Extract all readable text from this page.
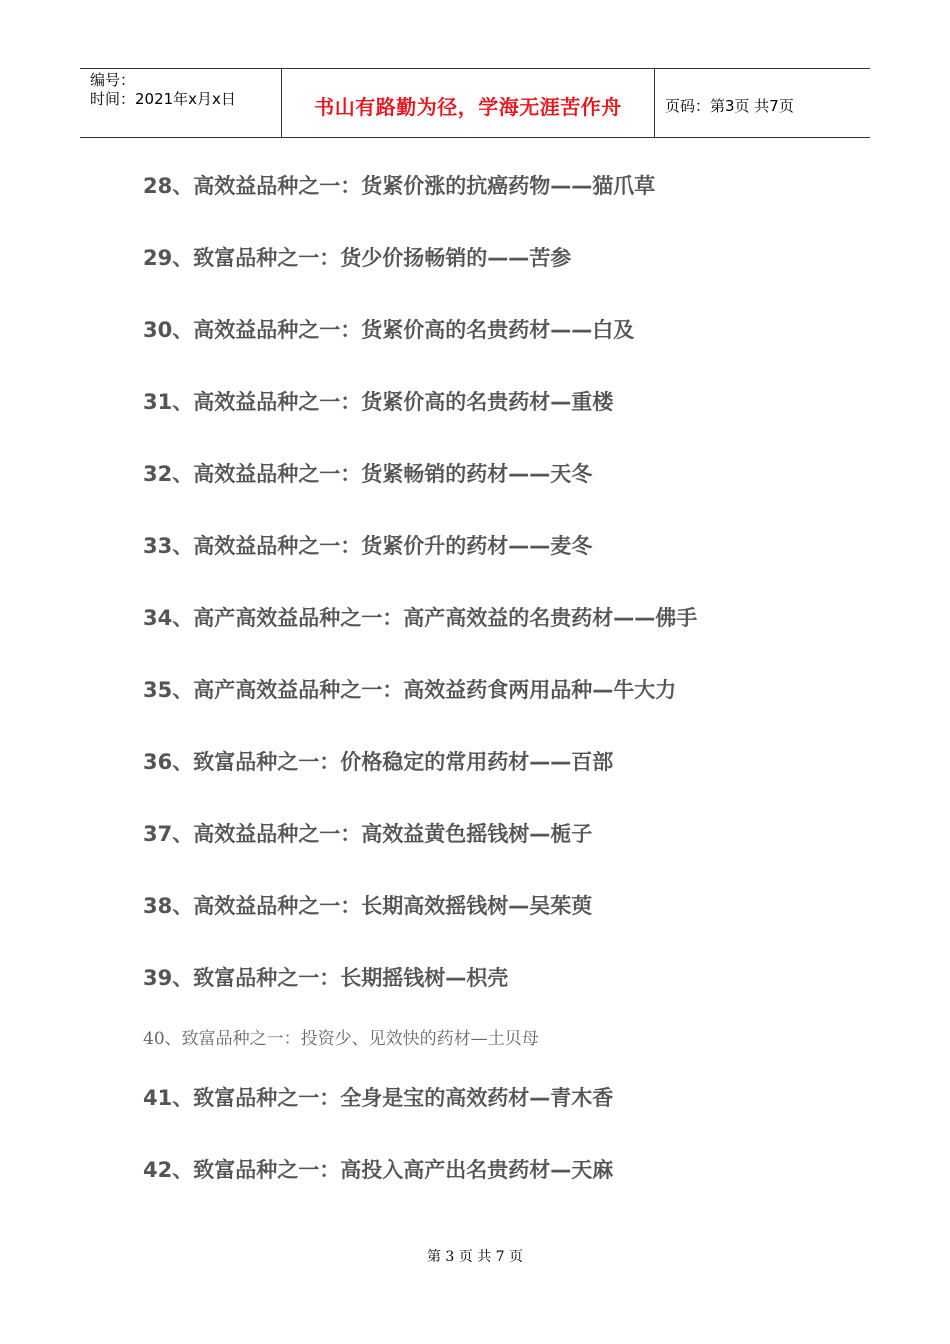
编号：
时间：2021年x月x日	书山有路勤为径，学海无涯苦作舟	页码：第3页 共7页
28、高效益品种之一：货紧价涨的抗癌药物——猫爪草
29、致富品种之一：货少价扬畅销的——苦参
30、高效益品种之一：货紧价高的名贵药材——白及
31、高效益品种之一：货紧价高的名贵药材—重楼
32、高效益品种之一：货紧畅销的药材——天冬
33、高效益品种之一：货紧价升的药材——麦冬
34、高产高效益品种之一：高产高效益的名贵药材——佛手
35、高产高效益品种之一：高效益药食两用品种—牛大力
36、致富品种之一：价格稳定的常用药材——百部
37、高效益品种之一：高效益黄色摇钱树—栀子
38、高效益品种之一：长期高效摇钱树—吴茱萸
39、致富品种之一：长期摇钱树—枳壳
40、致富品种之一：投资少、见效快的药材—土贝母
41、致富品种之一：全身是宝的高效药材—青木香
42、致富品种之一：高投入高产出名贵药材—天麻
第 3 页 共 7 页
